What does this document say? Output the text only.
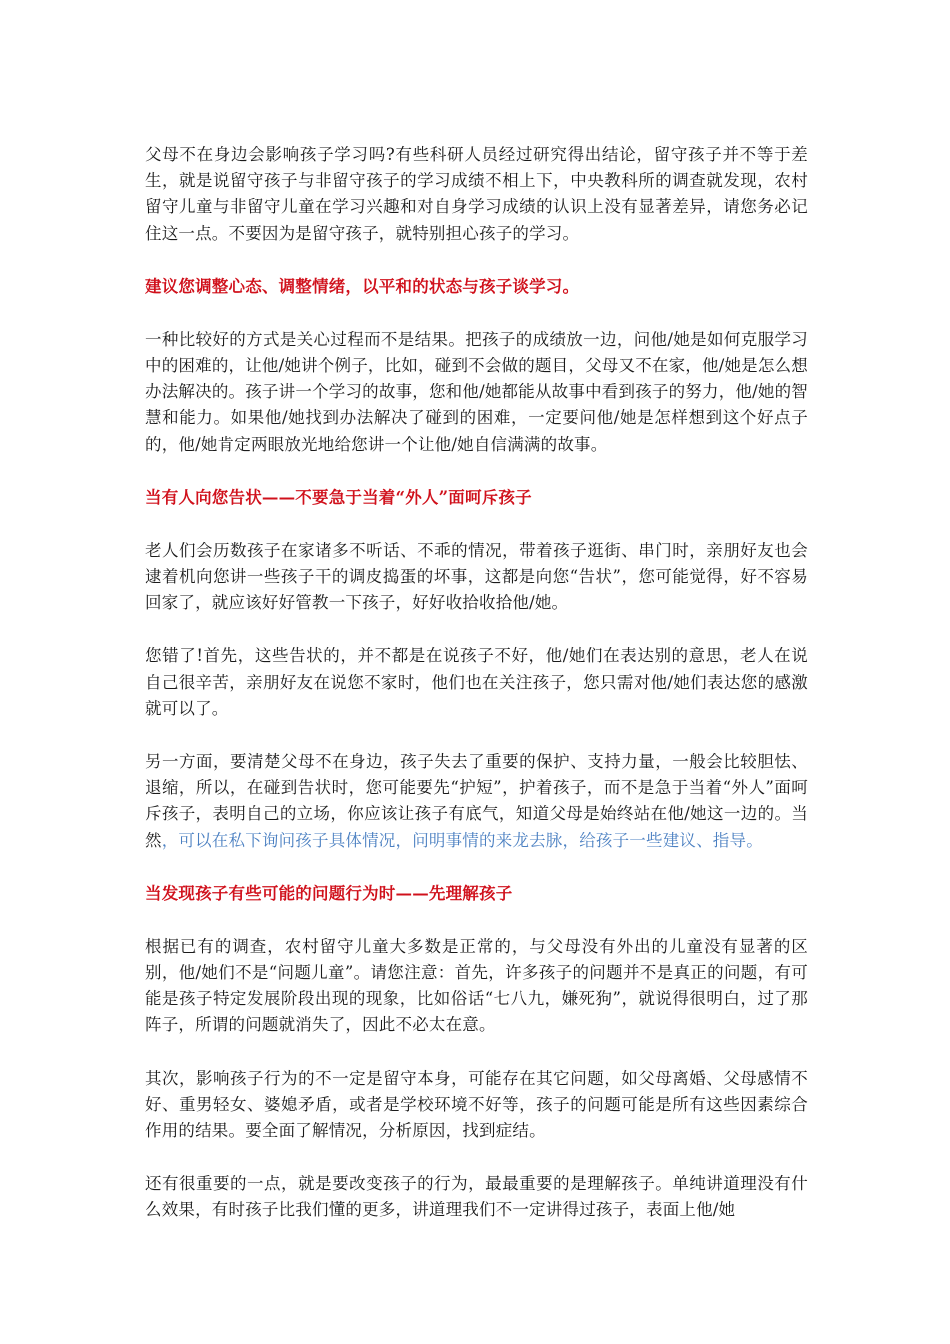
父母不在身边会影响孩子学习吗?有些科研人员经过研究得出结论，留守孩子并不等于差生，就是说留守孩子与非留守孩子的学习成绩不相上下，中央教科所的调查就发现，农村留守儿童与非留守儿童在学习兴趣和对自身学习成绩的认识上没有显著差异，请您务必记住这一点。不要因为是留守孩子，就特别担心孩子的学习。

建议您调整心态、调整情绪，以平和的状态与孩子谈学习。

一种比较好的方式是关心过程而不是结果。把孩子的成绩放一边，问他/她是如何克服学习中的困难的，让他/她讲个例子，比如，碰到不会做的题目，父母又不在家，他/她是怎么想办法解决的。孩子讲一个学习的故事，您和他/她都能从故事中看到孩子的努力，他/她的智慧和能力。如果他/她找到办法解决了碰到的困难，一定要问他/她是怎样想到这个好点子的，他/她肯定两眼放光地给您讲一个让他/她自信满满的故事。

当有人向您告状——不要急于当着“外人”面呵斥孩子

老人们会历数孩子在家诸多不听话、不乖的情况，带着孩子逛街、串门时，亲朋好友也会逮着机向您讲一些孩子干的调皮捣蛋的坏事，这都是向您“告状”，您可能觉得，好不容易回家了，就应该好好管教一下孩子，好好收拾收拾他/她。

您错了!首先，这些告状的，并不都是在说孩子不好，他/她们在表达别的意思，老人在说自己很辛苦，亲朋好友在说您不家时，他们也在关注孩子，您只需对他/她们表达您的感激就可以了。

另一方面，要清楚父母不在身边，孩子失去了重要的保护、支持力量，一般会比较胆怯、退缩，所以，在碰到告状时，您可能要先“护短”，护着孩子，而不是急于当着“外人”面呵斥孩子，表明自己的立场，你应该让孩子有底气，知道父母是始终站在他/她这一边的。当然，可以在私下询问孩子具体情况，问明事情的来龙去脉，给孩子一些建议、指导。

当发现孩子有些可能的问题行为时——先理解孩子

根据已有的调查，农村留守儿童大多数是正常的，与父母没有外出的儿童没有显著的区别，他/她们不是“问题儿童”。请您注意：首先，许多孩子的问题并不是真正的问题，有可能是孩子特定发展阶段出现的现象，比如俗话“七八九，嫌死狗”，就说得很明白，过了那阵子，所谓的问题就消失了，因此不必太在意。

其次，影响孩子行为的不一定是留守本身，可能存在其它问题，如父母离婚、父母感情不好、重男轻女、婆媳矛盾，或者是学校环境不好等，孩子的问题可能是所有这些因素综合作用的结果。要全面了解情况，分析原因，找到症结。

还有很重要的一点，就是要改变孩子的行为，最最重要的是理解孩子。单纯讲道理没有什么效果，有时孩子比我们懂的更多，讲道理我们不一定讲得过孩子，表面上他/她
